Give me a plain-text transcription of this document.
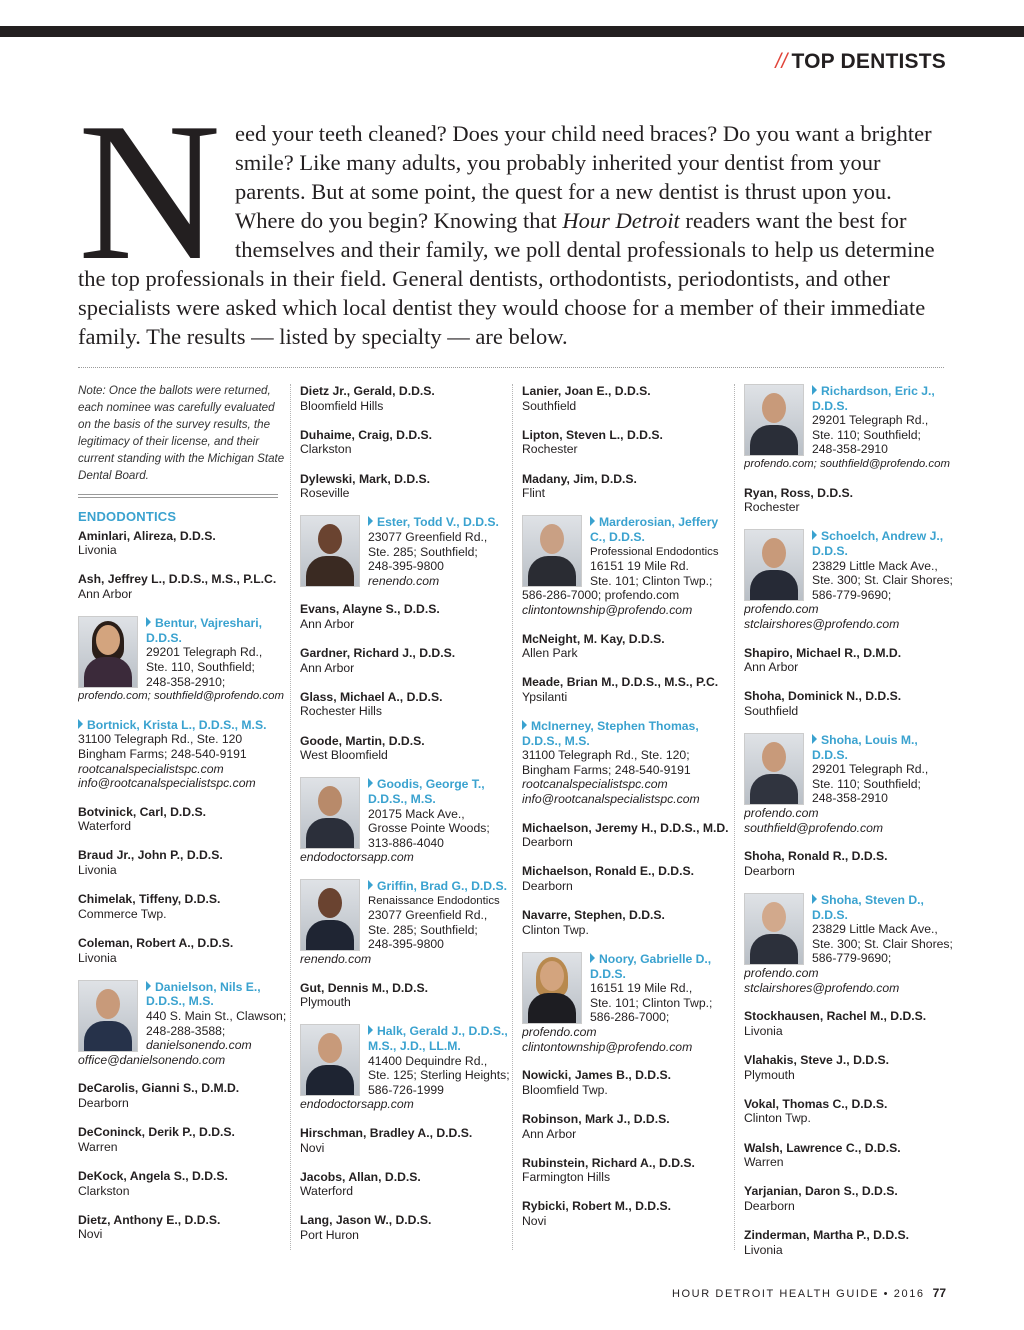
// TOP DENTISTS
N eed your teeth cleaned? Does your child need braces? Do you want a brighter smile? Like many adults, you probably inherited your dentist from your parents. But at some point, the quest for a new dentist is thrust upon you. Where do you begin? Knowing that Hour Detroit readers want the best for themselves and their family, we poll dental professionals to help us determine the top professionals in their field. General dentists, orthodontists, periodontists, and other specialists were asked which local dentist they would choose for a member of their immediate family. The results — listed by specialty — are below.

Note: Once the ballots were returned, each nominee was carefully evaluated on the basis of the survey results, the legitimacy of their license, and their current standing with the Michigan State Dental Board.
ENDODONTICS
Aminlari, Alireza, D.D.S.
Livonia
Ash, Jeffrey L., D.D.S., M.S., P.L.C.
Ann Arbor
Bentur, Vajreshari, D.D.S.
29201 Telegraph Rd.,
Ste. 110, Southfield;
248-358-2910;
profendo.com; southfield@profendo.com
Bortnick, Krista L., D.D.S., M.S.
31100 Telegraph Rd., Ste. 120
Bingham Farms; 248-540-9191
rootcanalspecialistspc.com
info@rootcanalspecialistspc.com
Botvinick, Carl, D.D.S.
Waterford
Braud Jr., John P., D.D.S.
Livonia
Chimelak, Tiffeny, D.D.S.
Commerce Twp.
Coleman, Robert A., D.D.S.
Livonia
Danielson, Nils E., D.D.S., M.S.
440 S. Main St., Clawson;
248-288-3588;
danielsonendo.com
office@danielsonendo.com
DeCarolis, Gianni S., D.M.D.
Dearborn
DeConinck, Derik P., D.D.S.
Warren
DeKock, Angela S., D.D.S.
Clarkston
Dietz, Anthony E., D.D.S.
Novi
Dietz Jr., Gerald, D.D.S.
Bloomfield Hills
Duhaime, Craig, D.D.S.
Clarkston
Dylewski, Mark, D.D.S.
Roseville
Ester, Todd V., D.D.S.
23077 Greenfield Rd.,
Ste. 285; Southfield;
248-395-9800
renendo.com
Evans, Alayne S., D.D.S.
Ann Arbor
Gardner, Richard J., D.D.S.
Ann Arbor
Glass, Michael A., D.D.S.
Rochester Hills
Goode, Martin, D.D.S.
West Bloomfield
Goodis, George T., D.D.S., M.S.
20175 Mack Ave.,
Grosse Pointe Woods;
313-886-4040
endodoctorsapp.com
Griffin, Brad G., D.D.S.
Renaissance Endodontics
23077 Greenfield Rd.,
Ste. 285; Southfield;
248-395-9800
renendo.com
Gut, Dennis M., D.D.S.
Plymouth
Halk, Gerald J., D.D.S., M.S., J.D., LL.M.
41400 Dequindre Rd.,
Ste. 125; Sterling Heights;
586-726-1999
endodoctorsapp.com
Hirschman, Bradley A., D.D.S.
Novi
Jacobs, Allan, D.D.S.
Waterford
Lang, Jason W., D.D.S.
Port Huron
Lanier, Joan E., D.D.S.
Southfield
Lipton, Steven L., D.D.S.
Rochester
Madany, Jim, D.D.S.
Flint
Marderosian, Jeffery C., D.D.S.
Professional Endodontics
16151 19 Mile Rd.
Ste. 101; Clinton Twp.;
586-286-7000; profendo.com
clintontownship@profendo.com
McNeight, M. Kay, D.D.S.
Allen Park
Meade, Brian M., D.D.S., M.S., P.C.
Ypsilanti
McInerney, Stephen Thomas, D.D.S., M.S.
31100 Telegraph Rd., Ste. 120;
Bingham Farms; 248-540-9191
rootcanalspecialistspc.com
info@rootcanalspecialistspc.com
Michaelson, Jeremy H., D.D.S., M.D.
Dearborn
Michaelson, Ronald E., D.D.S.
Dearborn
Navarre, Stephen, D.D.S.
Clinton Twp.
Noory, Gabrielle D., D.D.S.
16151 19 Mile Rd.,
Ste. 101; Clinton Twp.;
586-286-7000;
profendo.com
clintontownship@profendo.com
Nowicki, James B., D.D.S.
Bloomfield Twp.
Robinson, Mark J., D.D.S.
Ann Arbor
Rubinstein, Richard A., D.D.S.
Farmington Hills
Rybicki, Robert M., D.D.S.
Novi
Richardson, Eric J., D.D.S.
29201 Telegraph Rd.,
Ste. 110; Southfield;
248-358-2910
profendo.com; southfield@profendo.com
Ryan, Ross, D.D.S.
Rochester
Schoelch, Andrew J., D.D.S.
23829 Little Mack Ave.,
Ste. 300; St. Clair Shores;
586-779-9690;
profendo.com
stclairshores@profendo.com
Shapiro, Michael R., D.M.D.
Ann Arbor
Shoha, Dominick N., D.D.S.
Southfield
Shoha, Louis M., D.D.S.
29201 Telegraph Rd.,
Ste. 110; Southfield;
248-358-2910
profendo.com
southfield@profendo.com
Shoha, Ronald R., D.D.S.
Dearborn
Shoha, Steven D., D.D.S.
23829 Little Mack Ave.,
Ste. 300; St. Clair Shores;
586-779-9690;
profendo.com
stclairshores@profendo.com
Stockhausen, Rachel M., D.D.S.
Livonia
Vlahakis, Steve J., D.D.S.
Plymouth
Vokal, Thomas C., D.D.S.
Clinton Twp.
Walsh, Lawrence C., D.D.S.
Warren
Yarjanian, Daron S., D.D.S.
Dearborn
Zinderman, Martha P., D.D.S.
Livonia
HOUR DETROIT HEALTH GUIDE • 2016 77
